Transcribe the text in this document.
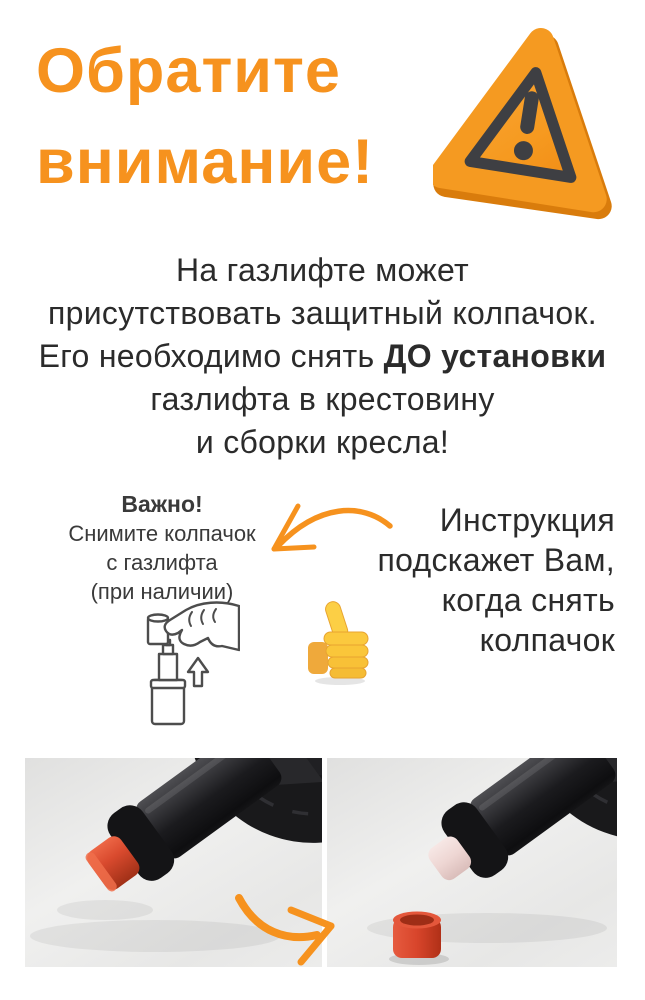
Обратите
внимание!

На газлифте может
присутствовать защитный колпачок.
Его необходимо снять ДО установки
газлифта в крестовину
и сборки кресла!

Важно!
Снимите колпачок
с газлифта
(при наличии)
Инструкция
подскажет Вам,
когда снять
колпачок
